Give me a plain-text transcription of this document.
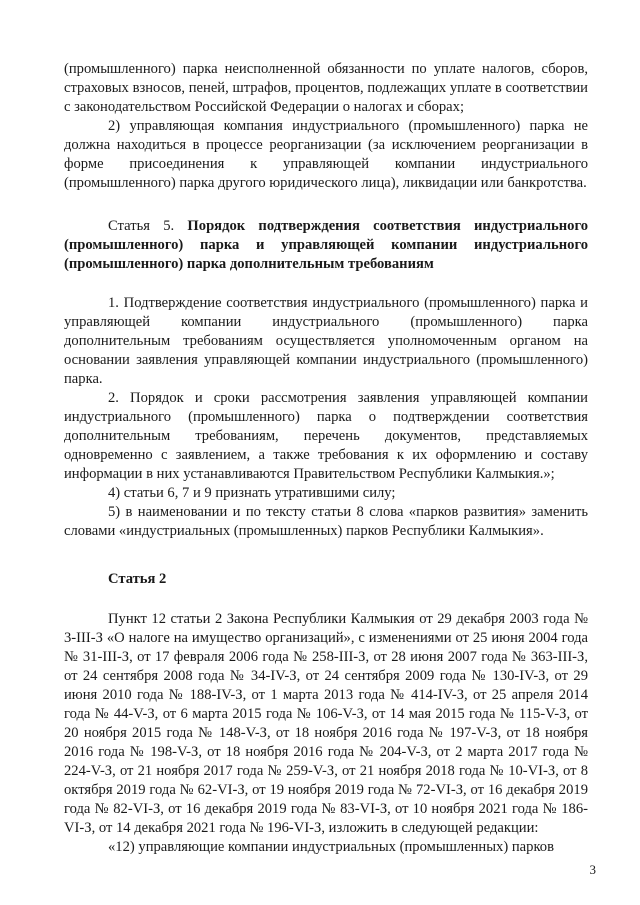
(промышленного) парка неисполненной обязанности по уплате налогов, сборов, страховых взносов, пеней, штрафов, процентов, подлежащих уплате в соответствии с законодательством Российской Федерации о налогах и сборах;

2) управляющая компания индустриального (промышленного) парка не должна находиться в процессе реорганизации (за исключением реорганизации в форме присоединения к управляющей компании индустриального (промышленного) парка другого юридического лица), ликвидации или банкротства.

Статья 5. Порядок подтверждения соответствия индустриального (промышленного) парка и управляющей компании индустриального (промышленного) парка дополнительным требованиям

1. Подтверждение соответствия индустриального (промышленного) парка и управляющей компании индустриального (промышленного) парка дополнительным требованиям осуществляется уполномоченным органом на основании заявления управляющей компании индустриального (промышленного) парка.

2. Порядок и сроки рассмотрения заявления управляющей компании индустриального (промышленного) парка о подтверждении соответствия дополнительным требованиям, перечень документов, представляемых одновременно с заявлением, а также требования к их оформлению и составу информации в них устанавливаются Правительством Республики Калмыкия.»;

4) статьи 6, 7 и 9 признать утратившими силу;

5) в наименовании и по тексту статьи 8 слова «парков развития» заменить словами «индустриальных (промышленных) парков Республики Калмыкия».

Статья 2

Пункт 12 статьи 2 Закона Республики Калмыкия от 29 декабря 2003 года № 3-III-З «О налоге на имущество организаций», с изменениями от 25 июня 2004 года № 31-III-З, от 17 февраля 2006 года № 258-III-З, от 28 июня 2007 года № 363-III-З, от 24 сентября 2008 года № 34-IV-З, от 24 сентября 2009 года № 130-IV-З, от 29 июня 2010 года № 188-IV-З, от 1 марта 2013 года № 414-IV-З, от 25 апреля 2014 года № 44-V-З, от 6 марта 2015 года № 106-V-З, от 14 мая 2015 года № 115-V-З, от 20 ноября 2015 года № 148-V-З, от 18 ноября 2016 года № 197-V-З, от 18 ноября 2016 года № 198-V-З, от 18 ноября 2016 года № 204-V-З, от 2 марта 2017 года № 224-V-З, от 21 ноября 2017 года № 259-V-З, от 21 ноября 2018 года № 10-VI-З, от 8 октября 2019 года № 62-VI-З, от 19 ноября 2019 года № 72-VI-З, от 16 декабря 2019 года № 82-VI-З, от 16 декабря 2019 года № 83-VI-З, от 10 ноября 2021 года № 186-VI-З, от 14 декабря 2021 года № 196-VI-З, изложить в следующей редакции:

«12) управляющие компании индустриальных (промышленных) парков

3
